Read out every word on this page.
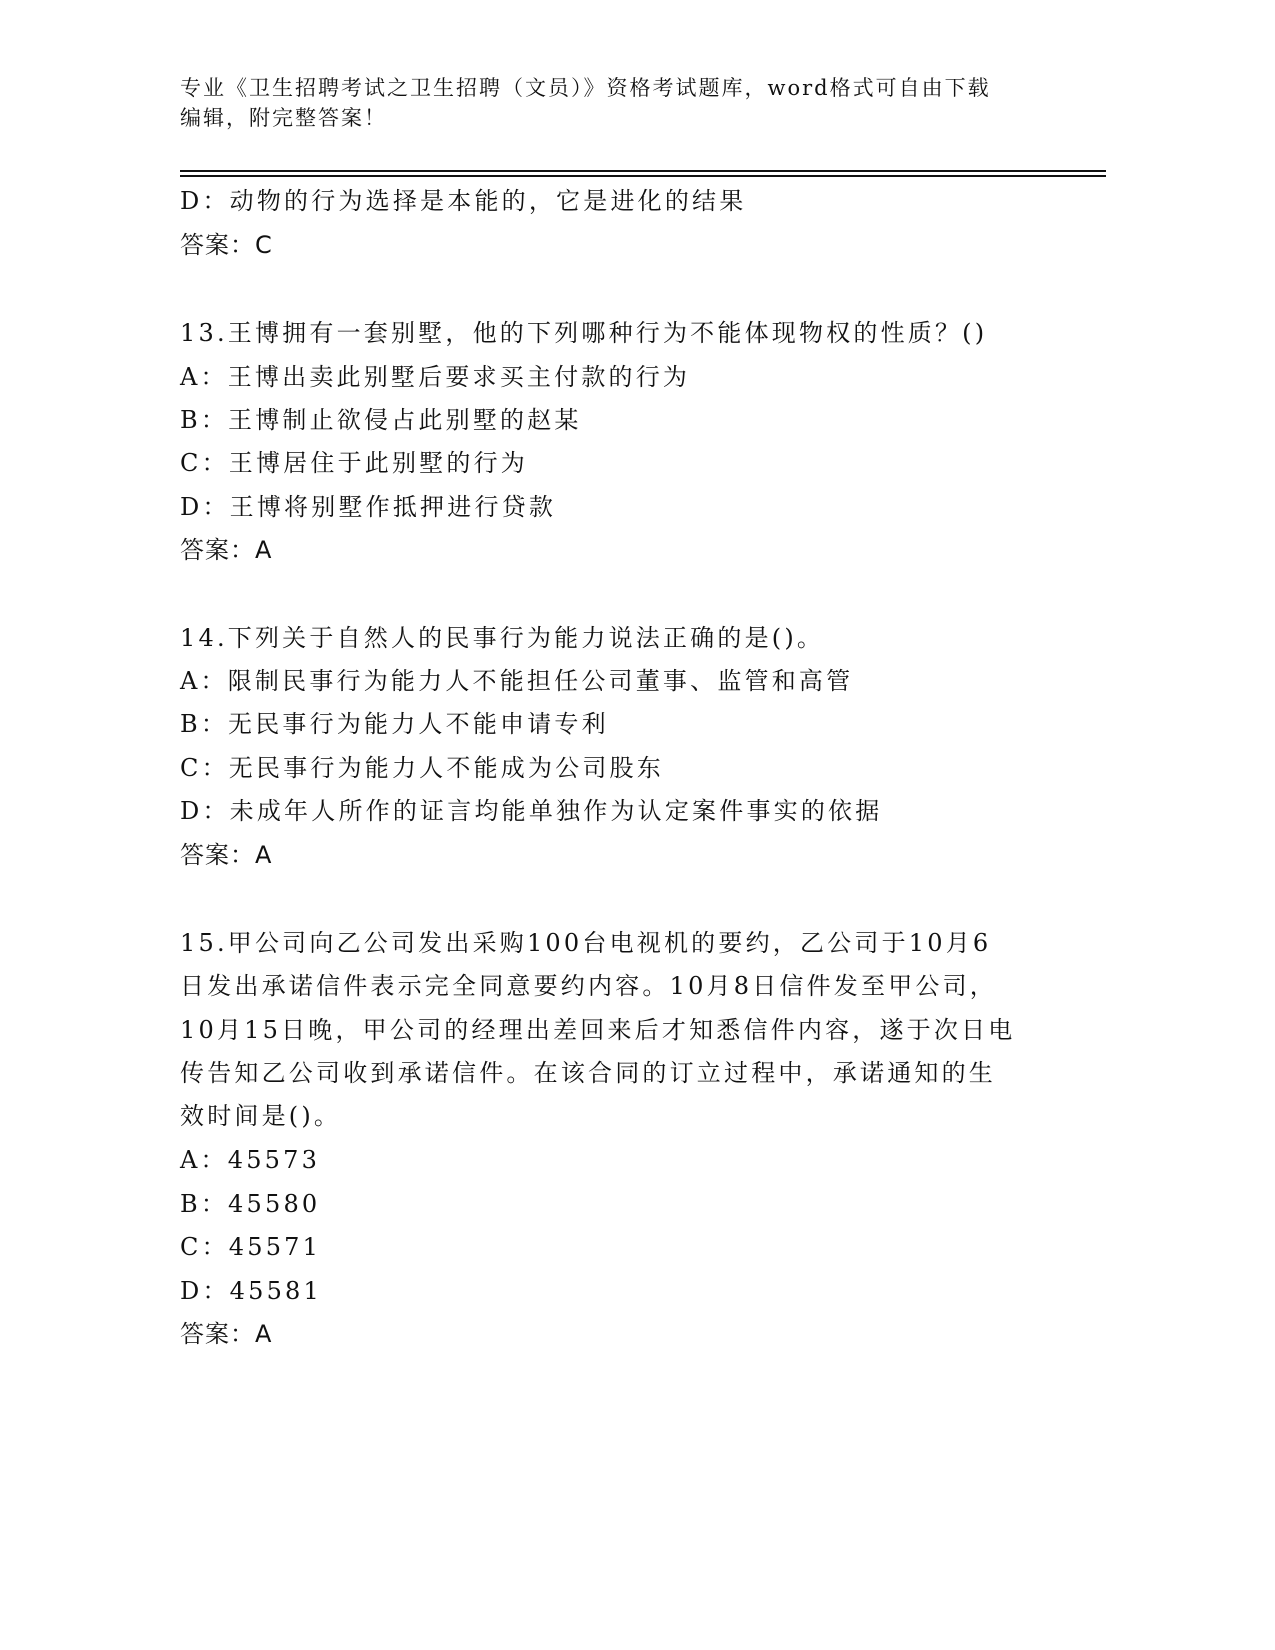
专业《卫生招聘考试之卫生招聘（文员）》资格考试题库，word格式可自由下载
编辑，附完整答案！
D：动物的行为选择是本能的，它是进化的结果
答案：C
13.王博拥有一套别墅，他的下列哪种行为不能体现物权的性质？()
A：王博出卖此别墅后要求买主付款的行为
B：王博制止欲侵占此别墅的赵某
C：王博居住于此别墅的行为
D：王博将别墅作抵押进行贷款
答案：A
14.下列关于自然人的民事行为能力说法正确的是()。
A：限制民事行为能力人不能担任公司董事、监管和高管
B：无民事行为能力人不能申请专利
C：无民事行为能力人不能成为公司股东
D：未成年人所作的证言均能单独作为认定案件事实的依据
答案：A
15.甲公司向乙公司发出采购100台电视机的要约，乙公司于10月6
日发出承诺信件表示完全同意要约内容。10月8日信件发至甲公司，
10月15日晚，甲公司的经理出差回来后才知悉信件内容，遂于次日电
传告知乙公司收到承诺信件。在该合同的订立过程中，承诺通知的生
效时间是()。
A：45573
B：45580
C：45571
D：45581
答案：A
